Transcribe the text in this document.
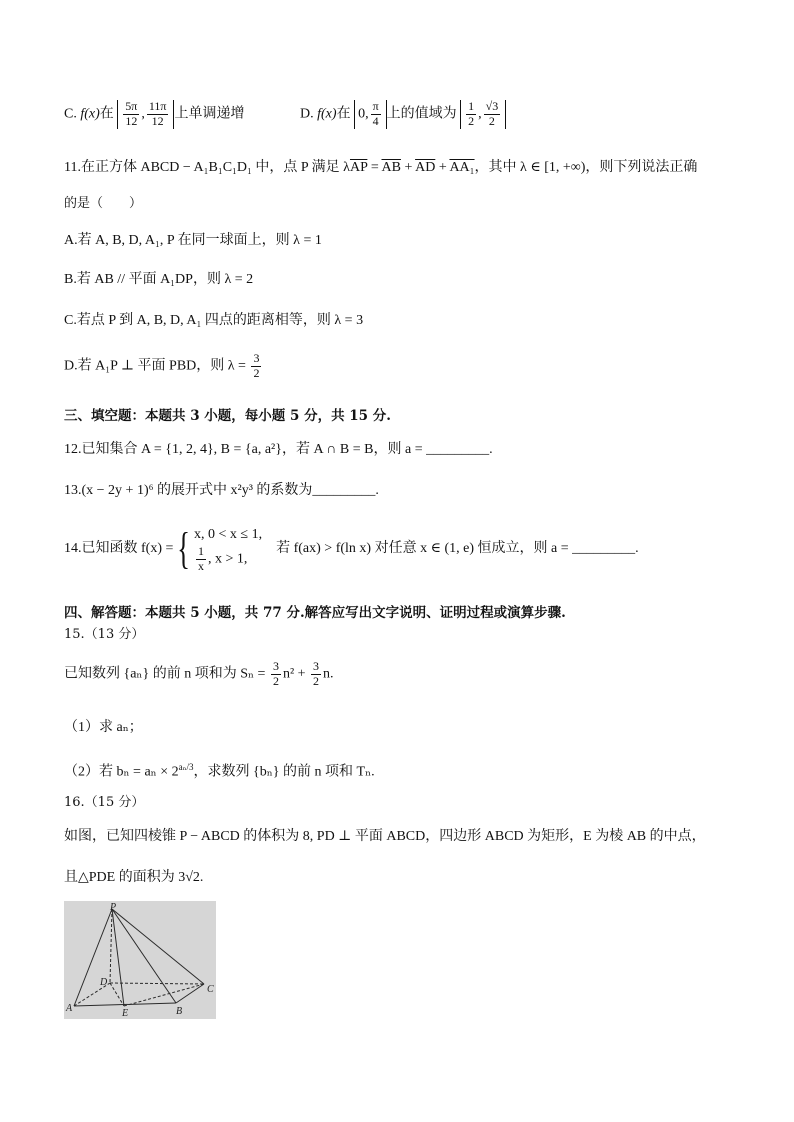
C. f(x)在 $\frac{5\pi}{12}$ , $\frac{11\pi}{12}$ 上单调递增	D. f(x)在 0, $\frac{\pi}{4}$ 上的值域为 $\frac{1}{2}$ , $\frac{√3}{2}$
11.在正方体 ABCD − A₁B₁C₁D₁ 中，点 P 满足 $\lambda\overline{AP} = \overline{AB} + \overline{AD} + AA_1$，其中 λ ∈ [1, +∞)，则下列说法正确
的是（　　）
A.若 A, B, D, A₁, P 在同一球面上，则 λ = 1
B.若 AB // 平面 A₁DP，则 λ = 2
C.若点 P 到 A, B, D, A₁ 四点的距离相等，则 λ = 3
D.若 A₁P ⊥ 平面 PBD，则 $\lambda = \frac{3}{2}$
三、填空题：本题共 3 小题，每小题 5 分，共 15 分.
12.已知集合 A = {1, 2, 4}, B = {a, a²}，若 A ∩ B = B，则 a = _________.
13.(x − 2y + 1)⁶ 的展开式中 x²y³ 的系数为_________.
14.已知函数 f(x) ={ x, 0 < x ≤ 1,
$\frac{1}{x}$ , x > 1,
若 f(ax) > f(ln x) 对任意 x ∈ (1, e) 恒成立，则 a = _________.
四、解答题：本题共 5 小题，共 77 分.解答应写出文字说明、证明过程或演算步骤.
15.（13 分）
已知数列 {aₙ} 的前 n 项和为 $S_n = \frac{3}{2} n^2 + \frac{3}{2} n$.
（1）求 aₙ；
（2）若 $b_n = a_n \times 2^{a_n/3}$，求数列 {bₙ} 的前 n 项和 Tₙ.
16.（15 分）
如图，已知四棱锥 P − ABCD 的体积为 8, PD ⊥ 平面 ABCD，四边形 ABCD 为矩形，E 为棱 AB 的中点，
且△PDE 的面积为 3√2.
P
A	B
C
D
E
